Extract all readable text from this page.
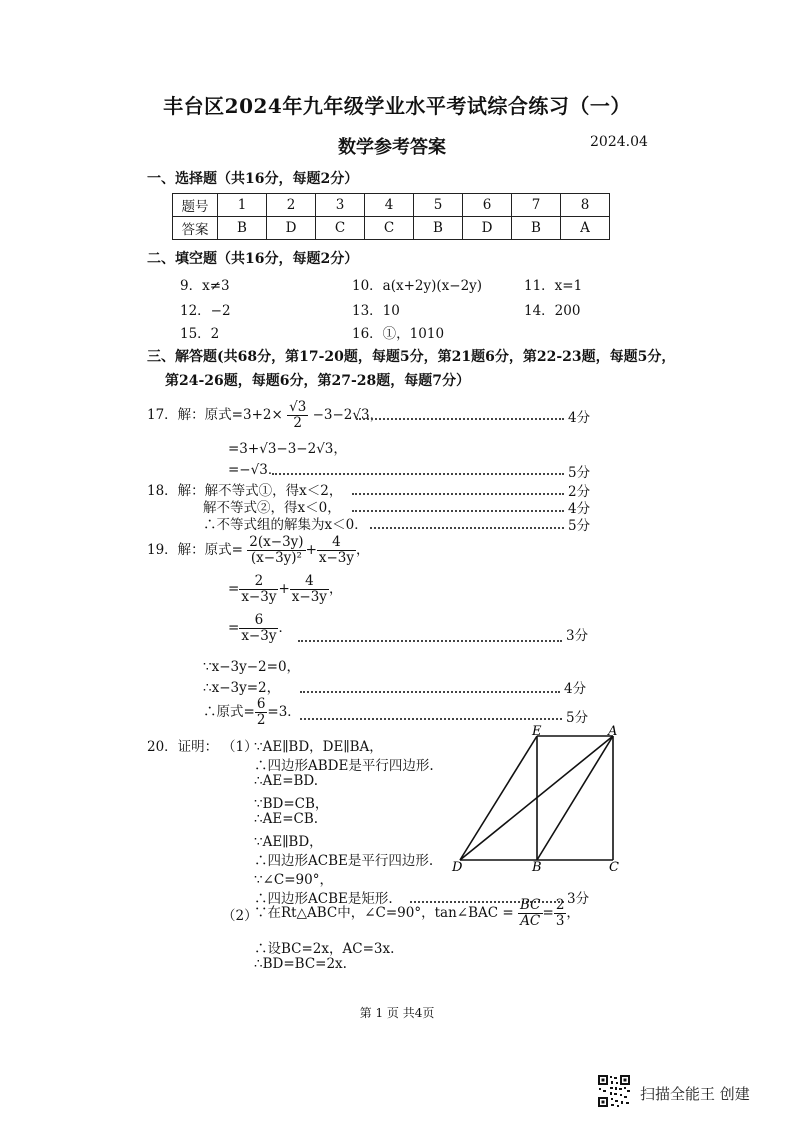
丰台区2024年九年级学业水平考试综合练习（一）
数学参考答案	2024.04
一、选择题（共16分，每题2分）
题号	1	2	3	4	5	6	7	8
答案	B	D	C	C	B	D	B	A
二、填空题（共16分，每题2分）
9．x≠3	10．a(x+2y)(x−2y)	11．x=1
12．−2	13．10	14．200
15．2	16．①，1010
三、解答题(共68分，第17-20题，每题5分，第21题6分，第22-23题，每题5分，
第24-26题，每题6分，第27-28题，每题7分）
17．解：原式$=3+2\times \frac{√3}{2} -3-2√3$，	4分
=3+√3−3−2√3，
=−√3．	5分
18．解：解不等式①，得x＜2，	2分
解不等式②，得x＜0，	4分
∴不等式组的解集为x＜0．	5分
19．解：原式= $\frac{2(x-3y)}{\text{(x−3y)²}} + \frac{4}{x-3y}$ ，
= $\frac{2}{x-3y} + \frac{4}{x-3y}$ ，
= $\frac{6}{x-3y}$ ．	3分
∵x−3y−2=0，
∴x−3y=2，	4分
∴原式= $\frac{6}{2} =3$．	5分
20．证明： （1）
∵AE∥BD，DE∥BA，
∴四边形ABDE是平行四边形.
∴AE=BD.
∵BD=CB，
∴AE=CB.
∵AE∥BD，
∴四边形ACBE是平行四边形.
∵∠C=90°，
∴四边形ACBE是矩形.	3分
E	A
D	B	C
（2）
∵在Rt△ABC中，∠C=90°，tan∠BAC = $\frac{BC}{AC} = \frac{2}{3}$ ，
∴设BC=2x，AC=3x.
∴BD=BC=2x.
第 1 页 共4页
扫描全能王 创建
